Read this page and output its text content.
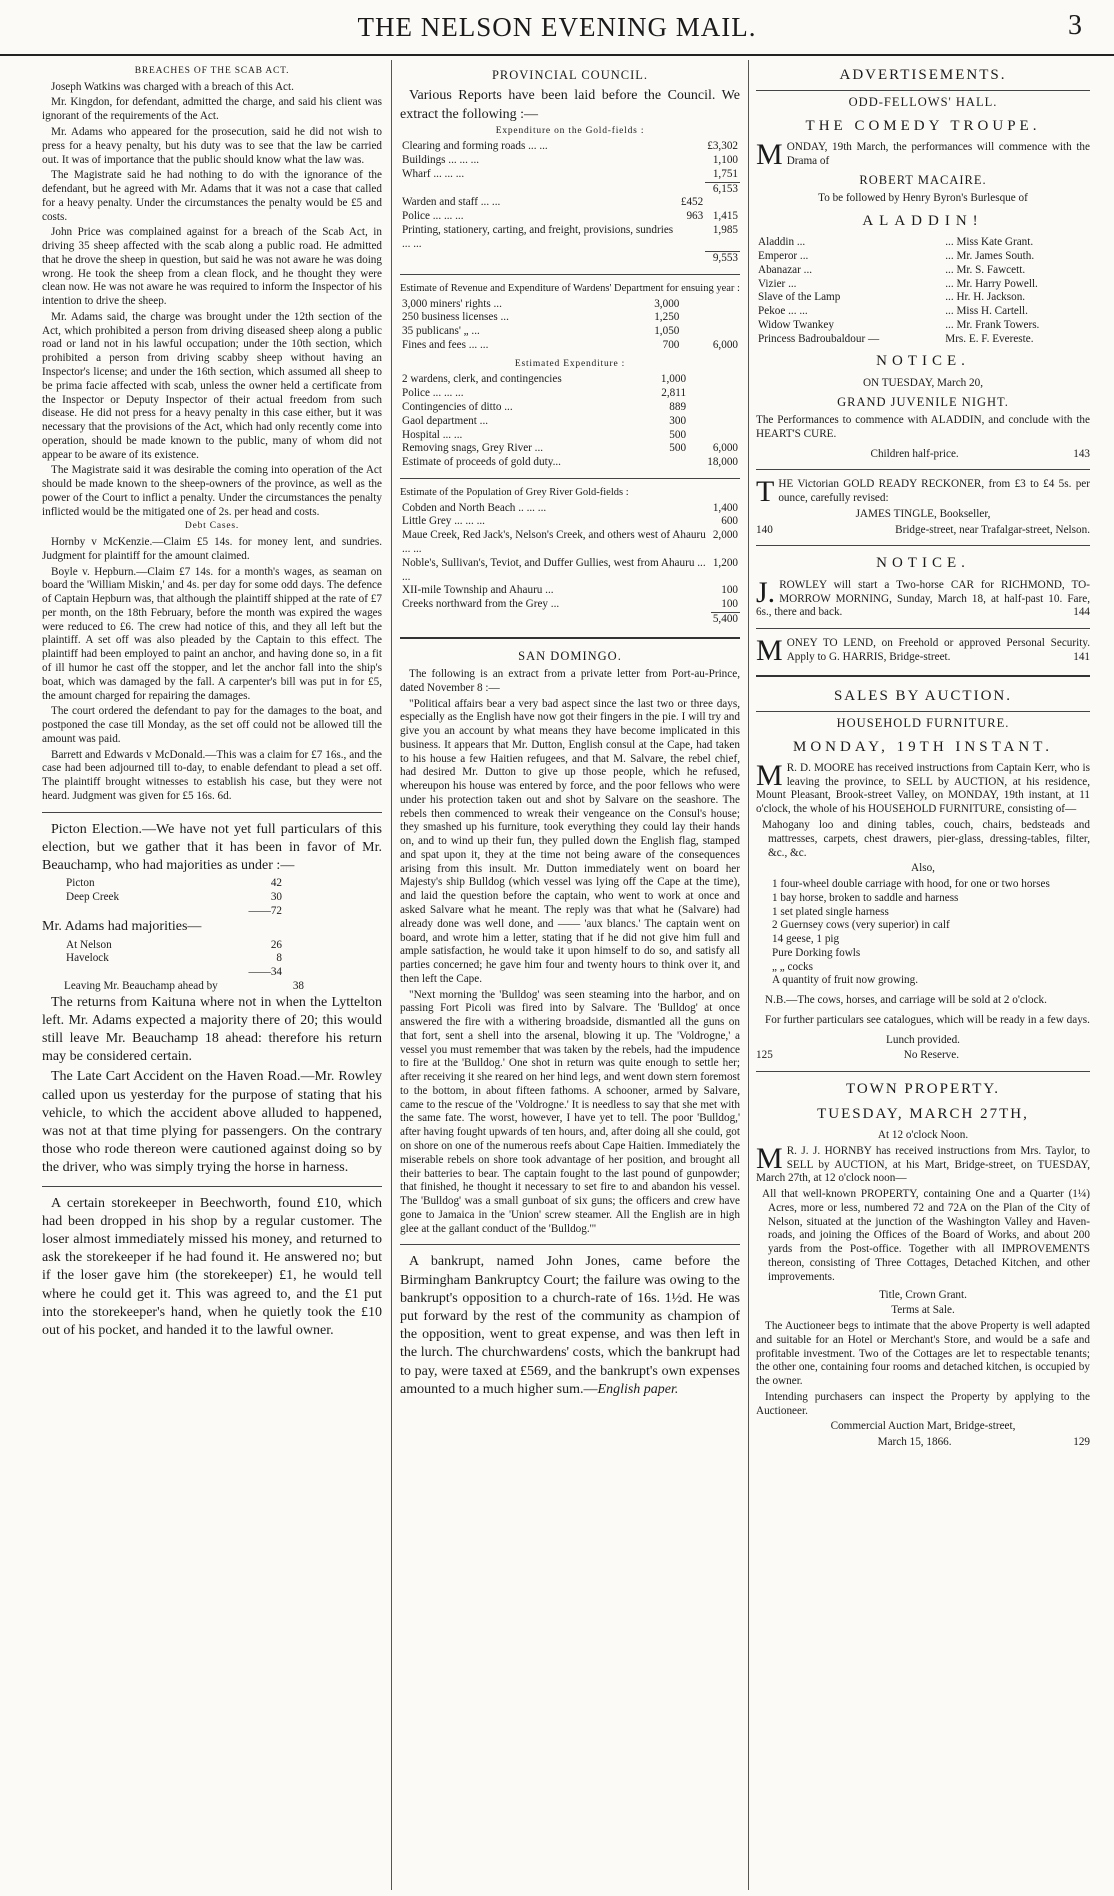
THE NELSON EVENING MAIL.	3
BREACHES OF THE SCAB ACT.

Joseph Watkins was charged with a breach of this Act.

Mr. Kingdon, for defendant, admitted the charge, and said his client was ignorant of the requirements of the Act.

Mr. Adams who appeared for the prosecution, said he did not wish to press for a heavy penalty, but his duty was to see that the law be carried out. It was of importance that the public should know what the law was.

The Magistrate said he had nothing to do with the ignorance of the defendant, but he agreed with Mr. Adams that it was not a case that called for a heavy penalty. Under the circumstances the penalty would be £5 and costs.

John Price was complained against for a breach of the Scab Act, in driving 35 sheep affected with the scab along a public road. He admitted that he drove the sheep in question, but said he was not aware he was doing wrong. He took the sheep from a clean flock, and he thought they were clean now. He was not aware he was required to inform the Inspector of his intention to drive the sheep.

Mr. Adams said, the charge was brought under the 12th section of the Act, which prohibited a person from driving diseased sheep along a public road or land not in his lawful occupation; under the 10th section, which prohibited a person from driving scabby sheep without having an Inspector's license; and under the 16th section, which assumed all sheep to be prima facie affected with scab, unless the owner held a certificate from the Inspector or Deputy Inspector of their actual freedom from such disease. He did not press for a heavy penalty in this case either, but it was necessary that the provisions of the Act, which had only recently come into operation, should be made known to the public, many of whom did not appear to be aware of its existence.

The Magistrate said it was desirable the coming into operation of the Act should be made known to the sheep-owners of the province, as well as the power of the Court to inflict a penalty. Under the circumstances the penalty inflicted would be the mitigated one of 2s. per head and costs.

Debt Cases.

Hornby v McKenzie.—Claim £5 14s. for money lent, and sundries. Judgment for plaintiff for the amount claimed.

Boyle v. Hepburn.—Claim £7 14s. for a month's wages, as seaman on board the 'William Miskin,' and 4s. per day for some odd days. The defence of Captain Hepburn was, that although the plaintiff shipped at the rate of £7 per month, on the 18th February, before the month was expired the wages were reduced to £6. The crew had notice of this, and they all left but the plaintiff. A set off was also pleaded by the Captain to this effect. The plaintiff had been employed to paint an anchor, and having done so, in a fit of ill humor he cast off the stopper, and let the anchor fall into the ship's boat, which was damaged by the fall. A carpenter's bill was put in for £5, the amount charged for repairing the damages.

The court ordered the defendant to pay for the damages to the boat, and postponed the case till Monday, as the set off could not be allowed till the amount was paid.

Barrett and Edwards v McDonald.—This was a claim for £7 16s., and the case had been adjourned till to-day, to enable defendant to plead a set off. The plaintiff brought witnesses to establish his case, but they were not heard. Judgment was given for £5 16s. 6d.

Picton Election.—We have not yet full particulars of this election, but we gather that it has been in favor of Mr. Beauchamp, who had majorities as under :—

Picton	42
Deep Creek	30
	——72

Mr. Adams had majorities—

At Nelson	26
Havelock	8
	——34
Leaving Mr. Beauchamp ahead by	38

The returns from Kaituna where not in when the Lyttelton left. Mr. Adams expected a majority there of 20; this would still leave Mr. Beauchamp 18 ahead: therefore his return may be considered certain.

The Late Cart Accident on the Haven Road.—Mr. Rowley called upon us yesterday for the purpose of stating that his vehicle, to which the accident above alluded to happened, was not at that time plying for passengers. On the contrary those who rode thereon were cautioned against doing so by the driver, who was simply trying the horse in harness.

A certain storekeeper in Beechworth, found £10, which had been dropped in his shop by a regular customer. The loser almost immediately missed his money, and returned to ask the storekeeper if he had found it. He answered no; but if the loser gave him (the storekeeper) £1, he would tell where he could get it. This was agreed to, and the £1 put into the storekeeper's hand, when he quietly took the £10 out of his pocket, and handed it to the lawful owner.

PROVINCIAL COUNCIL.

Various Reports have been laid before the Council. We extract the following :—

Expenditure on the Gold-fields :
Clearing and forming roads ... ...		£3,302
Buildings ... ... ...		1,100
Wharf ... ... ...		1,751
		6,153
Warden and staff ... ...	£452	
Police ... ... ...	963	1,415
Printing, stationery, carting, and freight, provisions, sundries ... ...		1,985
		9,553

Estimate of Revenue and Expenditure of Wardens' Department for ensuing year :

3,000 miners' rights ...	3,000	
250 business licenses ...	1,250	
35 publicans' „ ...	1,050	
Fines and fees ... ...	700	6,000
Estimated Expenditure :
2 wardens, clerk, and contingencies	1,000	
Police ... ... ...	2,811	
Contingencies of ditto ...	889	
Gaol department ...	300	
Hospital ... ...	500	
Removing snags, Grey River ...	500	6,000
Estimate of proceeds of gold duty...		18,000

Estimate of the Population of Grey River Gold-fields :

Cobden and North Beach .. ... ...	1,400
Little Grey ... ... ...	600
Maue Creek, Red Jack's, Nelson's Creek, and others west of Ahauru ... ...	2,000
Noble's, Sullivan's, Teviot, and Duffer Gullies, west from Ahauru ... ...	1,200
XII-mile Township and Ahauru ...	100
Creeks northward from the Grey ...	100
	5,400
SAN DOMINGO.

The following is an extract from a private letter from Port-au-Prince, dated November 8 :—

"Political affairs bear a very bad aspect since the last two or three days, especially as the English have now got their fingers in the pie. I will try and give you an account by what means they have become implicated in this business. It appears that Mr. Dutton, English consul at the Cape, had taken to his house a few Haitien refugees, and that M. Salvare, the rebel chief, had desired Mr. Dutton to give up those people, which he refused, whereupon his house was entered by force, and the poor fellows who were under his protection taken out and shot by Salvare on the seashore. The rebels then commenced to wreak their vengeance on the Consul's house; they smashed up his furniture, took everything they could lay their hands on, and to wind up their fun, they pulled down the English flag, stamped and spat upon it, they at the time not being aware of the consequences arising from this insult. Mr. Dutton immediately went on board her Majesty's ship Bulldog (which vessel was lying off the Cape at the time), and laid the question before the captain, who went to work at once and asked Salvare what he meant. The reply was that what he (Salvare) had already done was well done, and —— 'aux blancs.' The captain went on board, and wrote him a letter, stating that if he did not give him full and ample satisfaction, he would take it upon himself to do so, and satisfy all parties concerned; he gave him four and twenty hours to think over it, and then left the Cape.

"Next morning the 'Bulldog' was seen steaming into the harbor, and on passing Fort Picoli was fired into by Salvare. The 'Bulldog' at once answered the fire with a withering broadside, dismantled all the guns on that fort, sent a shell into the arsenal, blowing it up. The 'Voldrogne,' a vessel you must remember that was taken by the rebels, had the impudence to fire at the 'Bulldog.' One shot in return was quite enough to settle her; after receiving it she reared on her hind legs, and went down stern foremost to the bottom, in about fifteen fathoms. A schooner, armed by Salvare, came to the rescue of the 'Voldrogne.' It is needless to say that she met with the same fate. The worst, however, I have yet to tell. The poor 'Bulldog,' after having fought upwards of ten hours, and, after doing all she could, got on shore on one of the numerous reefs about Cape Haitien. Immediately the miserable rebels on shore took advantage of her position, and brought all their batteries to bear. The captain fought to the last pound of gunpowder; that finished, he thought it necessary to set fire to and abandon his vessel. The 'Bulldog' was a small gunboat of six guns; the officers and crew have gone to Jamaica in the 'Union' screw steamer. All the English are in high glee at the gallant conduct of the 'Bulldog.'"

A bankrupt, named John Jones, came before the Birmingham Bankruptcy Court; the failure was owing to the bankrupt's opposition to a church-rate of 16s. 1½d. He was put forward by the rest of the community as champion of the opposition, went to great expense, and was then left in the lurch. The churchwardens' costs, which the bankrupt had to pay, were taxed at £569, and the bankrupt's own expenses amounted to a much higher sum.—English paper.

ADVERTISEMENTS.
ODD-FELLOWS' HALL.
THE COMEDY TROUPE.

MONDAY, 19th March, the performances will commence with the Drama of

ROBERT MACAIRE.

To be followed by Henry Byron's Burlesque of

ALADDIN!
Aladdin ...	... Miss Kate Grant.
Emperor ...	... Mr. James South.
Abanazar ...	... Mr. S. Fawcett.
Vizier ...	... Mr. Harry Powell.
Slave of the Lamp	... Hr. H. Jackson.
Pekoe ... ...	... Miss H. Cartell.
Widow Twankey	... Mr. Frank Towers.
Princess Badroubaldour —	Mrs. E. F. Evereste.
NOTICE.

ON TUESDAY, March 20,

GRAND JUVENILE NIGHT.

The Performances to commence with ALADDIN, and conclude with the HEART'S CURE.

Children half-price.	143

THE Victorian GOLD READY RECKONER, from £3 to £4 5s. per ounce, carefully revised:

JAMES TINGLE, Bookseller,

140	Bridge-street, near Trafalgar-street, Nelson.
NOTICE.

J. ROWLEY will start a Two-horse CAR for RICHMOND, TO-MORROW MORNING, Sunday, March 18, at half-past 10. Fare, 6s., there and back.	144

MONEY TO LEND, on Freehold or approved Personal Security. Apply to G. HARRIS, Bridge-street.	141

SALES BY AUCTION.
HOUSEHOLD FURNITURE.
MONDAY, 19TH INSTANT.

M R. D. MOORE has received instructions from Captain Kerr, who is leaving the province, to SELL by AUCTION, at his residence, Mount Pleasant, Brook-street Valley, on MONDAY, 19th instant, at 11 o'clock, the whole of his HOUSEHOLD FURNITURE, consisting of—

Mahogany loo and dining tables, couch, chairs, bedsteads and mattresses, carpets, chest drawers, pier-glass, dressing-tables, filter, &c., &c.

Also,

1 four-wheel double carriage with hood, for one or two horses
1 bay horse, broken to saddle and harness
1 set plated single harness
2 Guernsey cows (very superior) in calf
14 geese, 1 pig
Pure Dorking fowls
„ „ cocks
A quantity of fruit now growing.

N.B.—The cows, horses, and carriage will be sold at 2 o'clock.

For further particulars see catalogues, which will be ready in a few days.

Lunch provided.

125	No Reserve.
TOWN PROPERTY.
TUESDAY, MARCH 27TH,

At 12 o'clock Noon.

M R. J. J. HORNBY has received instructions from Mrs. Taylor, to SELL by AUCTION, at his Mart, Bridge-street, on TUESDAY, March 27th, at 12 o'clock noon—

All that well-known PROPERTY, containing One and a Quarter (1¼) Acres, more or less, numbered 72 and 72A on the Plan of the City of Nelson, situated at the junction of the Washington Valley and Haven-roads, and joining the Offices of the Board of Works, and about 200 yards from the Post-office. Together with all IMPROVEMENTS thereon, consisting of Three Cottages, Detached Kitchen, and other improvements.

Title, Crown Grant.

Terms at Sale.

The Auctioneer begs to intimate that the above Property is well adapted and suitable for an Hotel or Merchant's Store, and would be a safe and profitable investment. Two of the Cottages are let to respectable tenants; the other one, containing four rooms and detached kitchen, is occupied by the owner.

Intending purchasers can inspect the Property by applying to the Auctioneer.

Commercial Auction Mart, Bridge-street,

March 15, 1866.	129
